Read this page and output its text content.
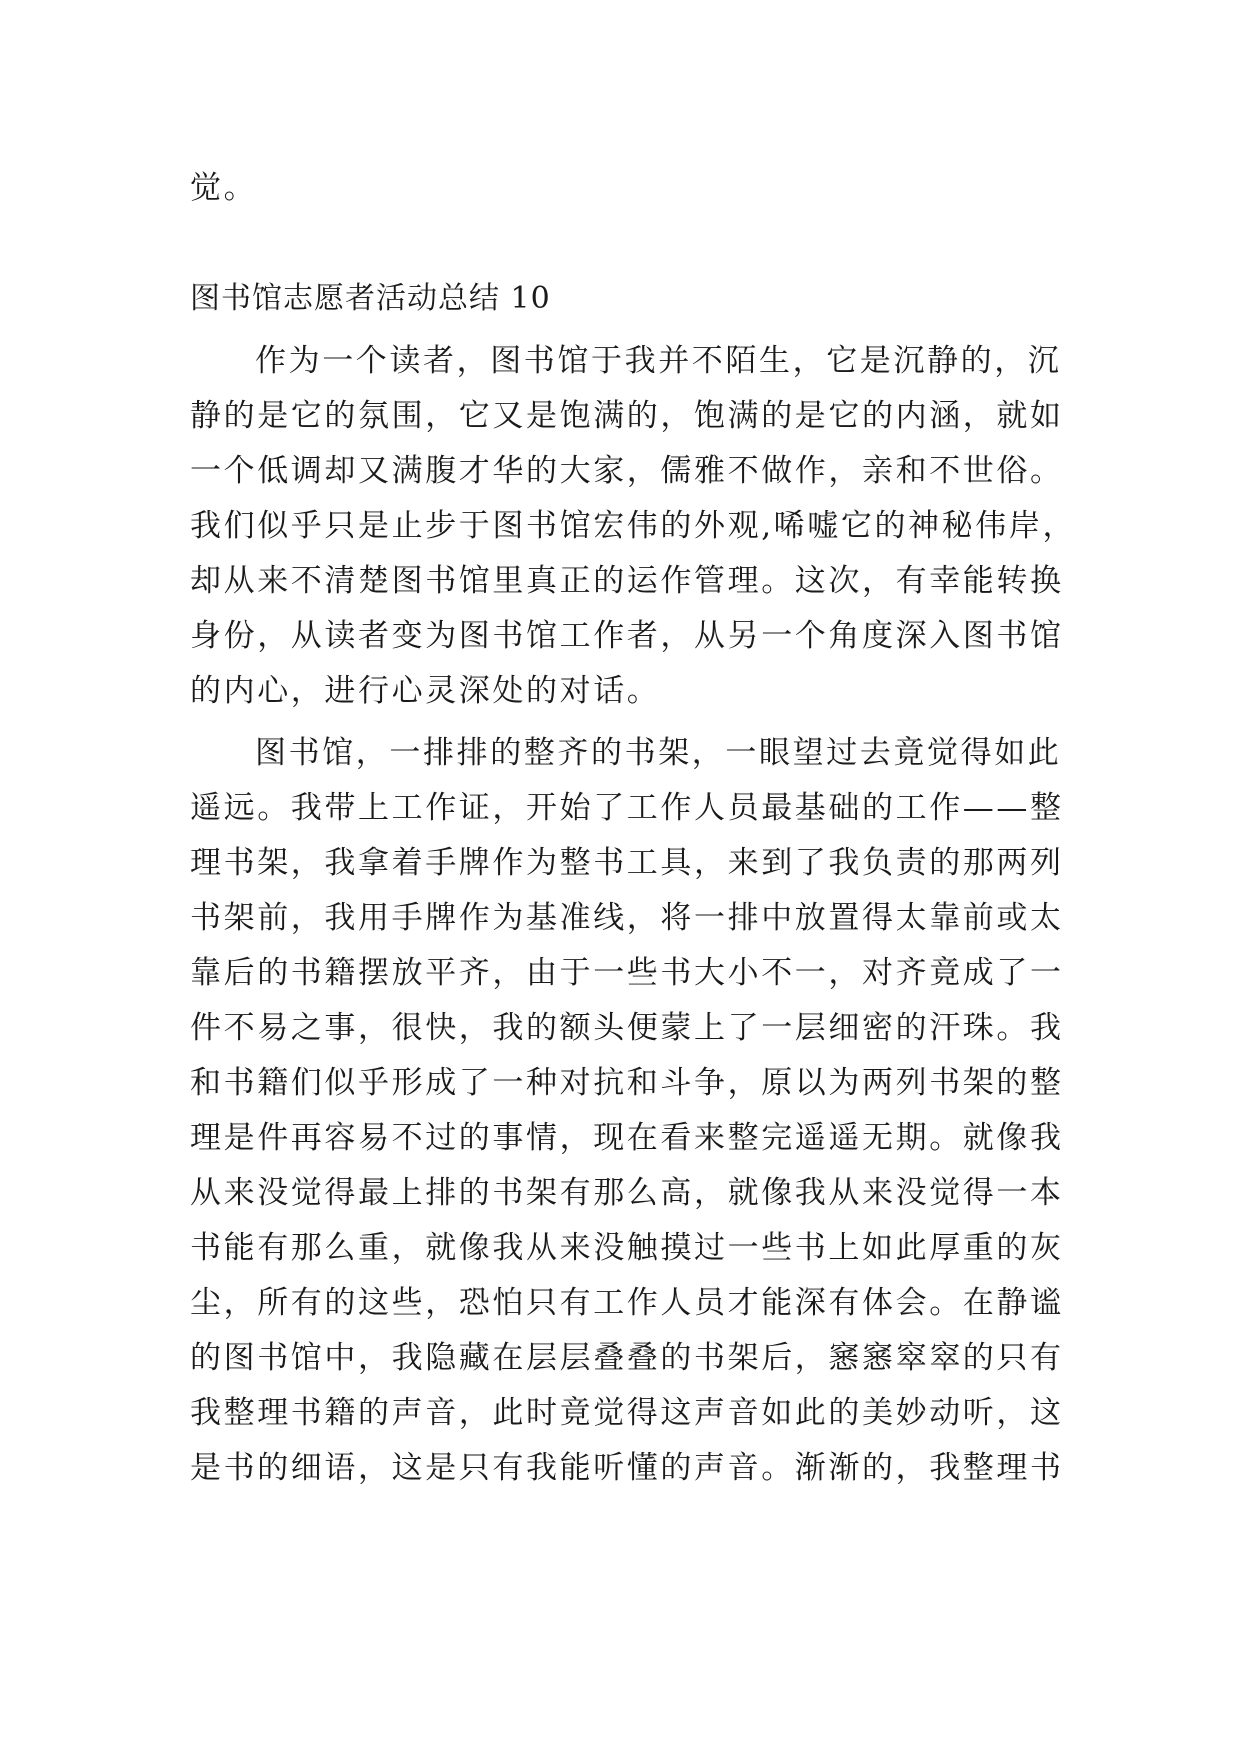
觉。
图书馆志愿者活动总结 10
作为一个读者，图书馆于我并不陌生，它是沉静的，沉
静的是它的氛围，它又是饱满的，饱满的是它的内涵，就如
一个低调却又满腹才华的大家，儒雅不做作，亲和不世俗。
我们似乎只是止步于图书馆宏伟的外观,唏嘘它的神秘伟岸，
却从来不清楚图书馆里真正的运作管理。这次，有幸能转换
身份，从读者变为图书馆工作者，从另一个角度深入图书馆
的内心，进行心灵深处的对话。
图书馆，一排排的整齐的书架，一眼望过去竟觉得如此
遥远。我带上工作证，开始了工作人员最基础的工作——整
理书架，我拿着手牌作为整书工具，来到了我负责的那两列
书架前，我用手牌作为基准线，将一排中放置得太靠前或太
靠后的书籍摆放平齐，由于一些书大小不一，对齐竟成了一
件不易之事，很快，我的额头便蒙上了一层细密的汗珠。我
和书籍们似乎形成了一种对抗和斗争，原以为两列书架的整
理是件再容易不过的事情，现在看来整完遥遥无期。就像我
从来没觉得最上排的书架有那么高，就像我从来没觉得一本
书能有那么重，就像我从来没触摸过一些书上如此厚重的灰
尘，所有的这些，恐怕只有工作人员才能深有体会。在静谧
的图书馆中，我隐藏在层层叠叠的书架后，窸窸窣窣的只有
我整理书籍的声音，此时竟觉得这声音如此的美妙动听，这
是书的细语，这是只有我能听懂的声音。渐渐的，我整理书
